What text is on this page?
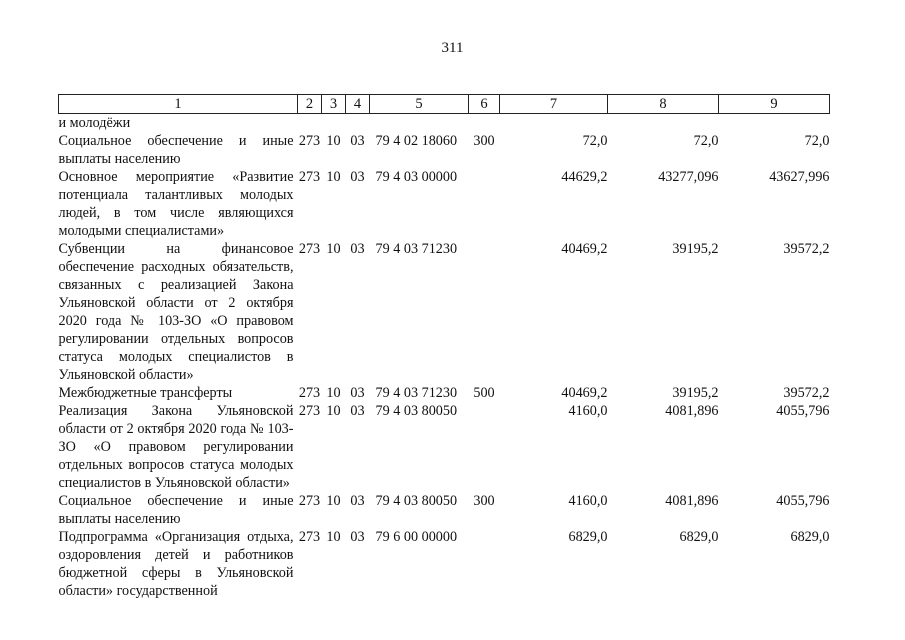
311
1	2	3	4	5	6	7	8	9
и молодёжи								
Социальное обеспечение и иные выплаты населению	273	10	03	79 4 02 18060	300	72,0	72,0	72,0
Основное мероприятие «Развитие потенциала талантливых молодых людей, в том числе являющихся молодыми специалистами»	273	10	03	79 4 03 00000		44629,2	43277,096	43627,996
Субвенции на финансовое обеспечение расходных обязательств, связанных с реализацией Закона Ульяновской области от 2 октября 2020 года № 103-ЗО «О правовом регулировании отдельных вопросов статуса молодых специалистов в Ульяновской области»	273	10	03	79 4 03 71230		40469,2	39195,2	39572,2
Межбюджетные трансферты	273	10	03	79 4 03 71230	500	40469,2	39195,2	39572,2
Реализация Закона Ульяновской области от 2 октября 2020 года № 103-ЗО «О правовом регулировании отдельных вопросов статуса молодых специалистов в Ульяновской области»	273	10	03	79 4 03 80050		4160,0	4081,896	4055,796
Социальное обеспечение и иные выплаты населению	273	10	03	79 4 03 80050	300	4160,0	4081,896	4055,796
Подпрограмма «Организация отдыха, оздоровления детей и работников бюджетной сферы в Ульяновской области» государственной	273	10	03	79 6 00 00000		6829,0	6829,0	6829,0
